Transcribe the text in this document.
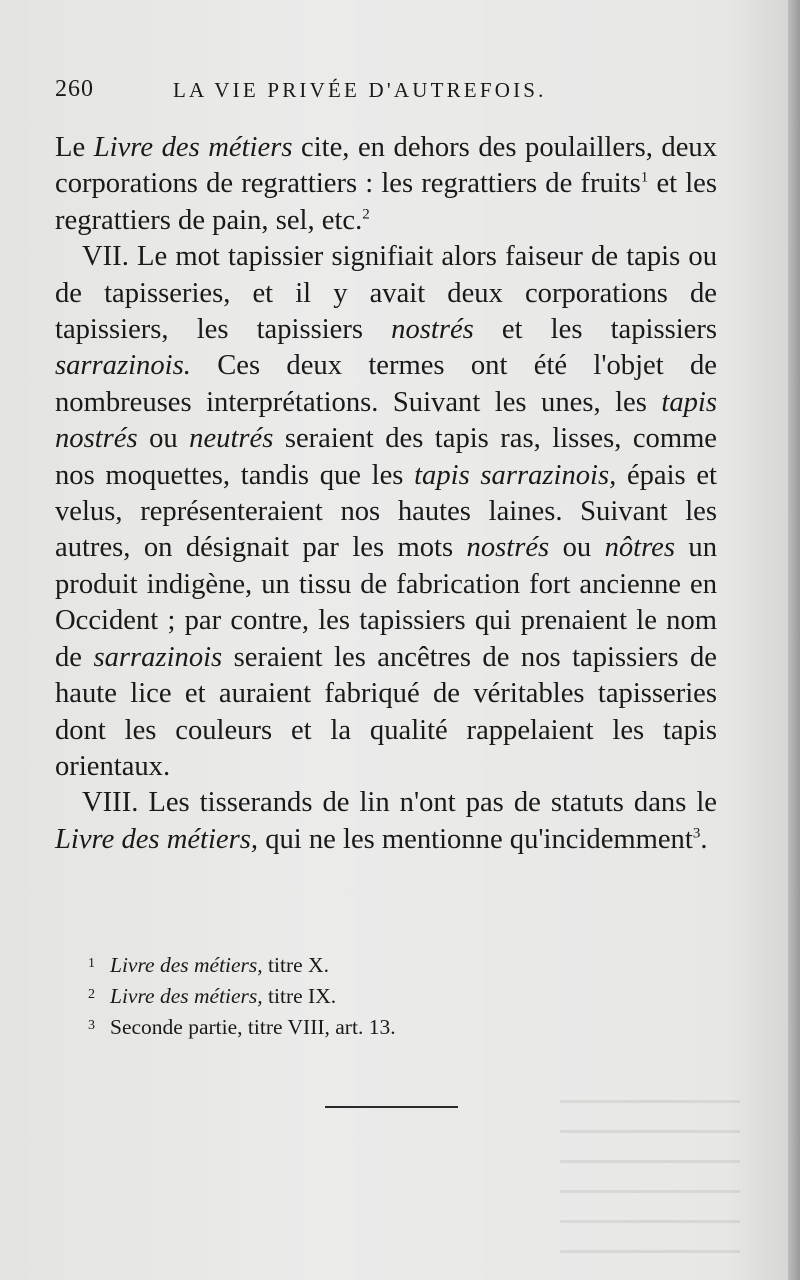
260	LA VIE PRIVÉE D'AUTREFOIS.

Le Livre des métiers cite, en dehors des poulaillers, deux corporations de regrattiers : les regrattiers de fruits$^1$ et les regrattiers de pain, sel, etc.$^2$

VII. Le mot tapissier signifiait alors faiseur de tapis ou de tapisseries, et il y avait deux corporations de tapissiers, les tapissiers nostrés et les tapissiers sarrazinois. Ces deux termes ont été l'objet de nombreuses interprétations. Suivant les unes, les tapis nostrés ou neutrés seraient des tapis ras, lisses, comme nos moquettes, tandis que les tapis sarrazinois, épais et velus, représenteraient nos hautes laines. Suivant les autres, on désignait par les mots nostrés ou nôtres un produit indigène, un tissu de fabrication fort ancienne en Occident ; par contre, les tapissiers qui prenaient le nom de sarrazinois seraient les ancêtres de nos tapissiers de haute lice et auraient fabriqué de véritables tapisseries dont les couleurs et la qualité rappelaient les tapis orientaux.

VIII. Les tisserands de lin n'ont pas de statuts dans le Livre des métiers, qui ne les mentionne qu'incidemment$^3$.

1 Livre des métiers, titre X.
2 Livre des métiers, titre IX.
3 Seconde partie, titre VIII, art. 13.
